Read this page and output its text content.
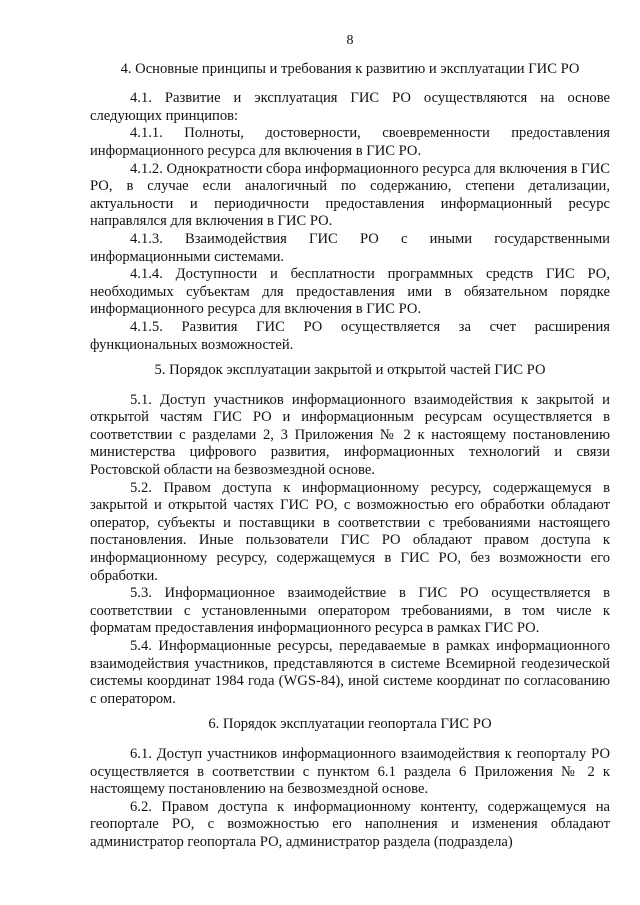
8
4. Основные принципы и требования к развитию и эксплуатации ГИС РО

4.1. Развитие и эксплуатация ГИС РО осуществляются на основе следующих принципов:

4.1.1. Полноты, достоверности, своевременности предоставления информационного ресурса для включения в ГИС РО.

4.1.2. Однократности сбора информационного ресурса для включения в ГИС РО, в случае если аналогичный по содержанию, степени детализации, актуальности и периодичности предоставления информационный ресурс направлялся для включения в ГИС РО.

4.1.3. Взаимодействия ГИС РО с иными государственными информационными системами.

4.1.4. Доступности и бесплатности программных средств ГИС РО, необходимых субъектам для предоставления ими в обязательном порядке информационного ресурса для включения в ГИС РО.

4.1.5. Развития ГИС РО осуществляется за счет расширения функциональных возможностей.

5. Порядок эксплуатации закрытой и открытой частей ГИС РО

5.1. Доступ участников информационного взаимодействия к закрытой и открытой частям ГИС РО и информационным ресурсам осуществляется в соответствии с разделами 2, 3 Приложения № 2 к настоящему постановлению министерства цифрового развития, информационных технологий и связи Ростовской области на безвозмездной основе.

5.2. Правом доступа к информационному ресурсу, содержащемуся в закрытой и открытой частях ГИС РО, с возможностью его обработки обладают оператор, субъекты и поставщики в соответствии с требованиями настоящего постановления. Иные пользователи ГИС РО обладают правом доступа к информационному ресурсу, содержащемуся в ГИС РО, без возможности его обработки.

5.3. Информационное взаимодействие в ГИС РО осуществляется в соответствии с установленными оператором требованиями, в том числе к форматам предоставления информационного ресурса в рамках ГИС РО.

5.4. Информационные ресурсы, передаваемые в рамках информационного взаимодействия участников, представляются в системе Всемирной геодезической системы координат 1984 года (WGS-84), иной системе координат по согласованию с оператором.

6. Порядок эксплуатации геопортала ГИС РО

6.1. Доступ участников информационного взаимодействия к геопорталу РО осуществляется в соответствии с пунктом 6.1 раздела 6 Приложения № 2 к настоящему постановлению на безвозмездной основе.

6.2. Правом доступа к информационному контенту, содержащемуся на геопортале РО, с возможностью его наполнения и изменения обладают администратор геопортала РО, администратор раздела (подраздела)
